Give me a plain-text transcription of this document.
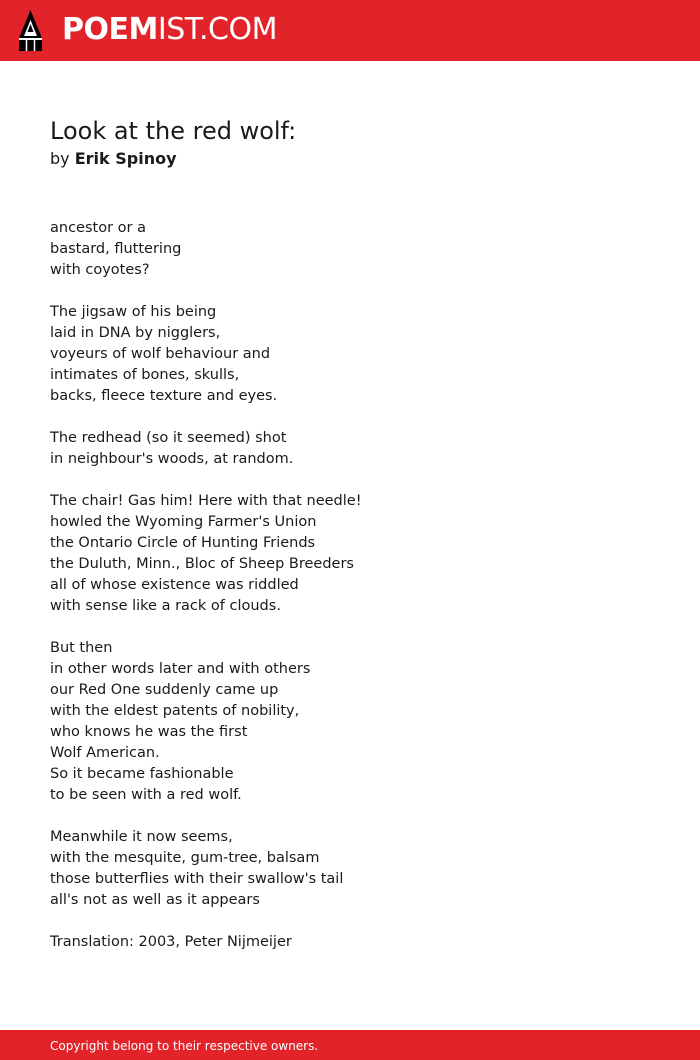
POEMIST.COM
Look at the red wolf:
by Erik Spinoy
ancestor or a
bastard, fluttering
with coyotes?
The jigsaw of his being
laid in DNA by nigglers,
voyeurs of wolf behaviour and
intimates of bones, skulls,
backs, fleece texture and eyes.
The redhead (so it seemed) shot
in neighbour's woods, at random.
The chair! Gas him! Here with that needle!
howled the Wyoming Farmer's Union
the Ontario Circle of Hunting Friends
the Duluth, Minn., Bloc of Sheep Breeders
all of whose existence was riddled
with sense like a rack of clouds.
But then
in other words later and with others
our Red One suddenly came up
with the eldest patents of nobility,
who knows he was the first
Wolf American.
So it became fashionable
to be seen with a red wolf.
Meanwhile it now seems,
with the mesquite, gum-tree, balsam
those butterflies with their swallow's tail
all's not as well as it appears

Translation: 2003, Peter Nijmeijer

Copyright belong to their respective owners.
